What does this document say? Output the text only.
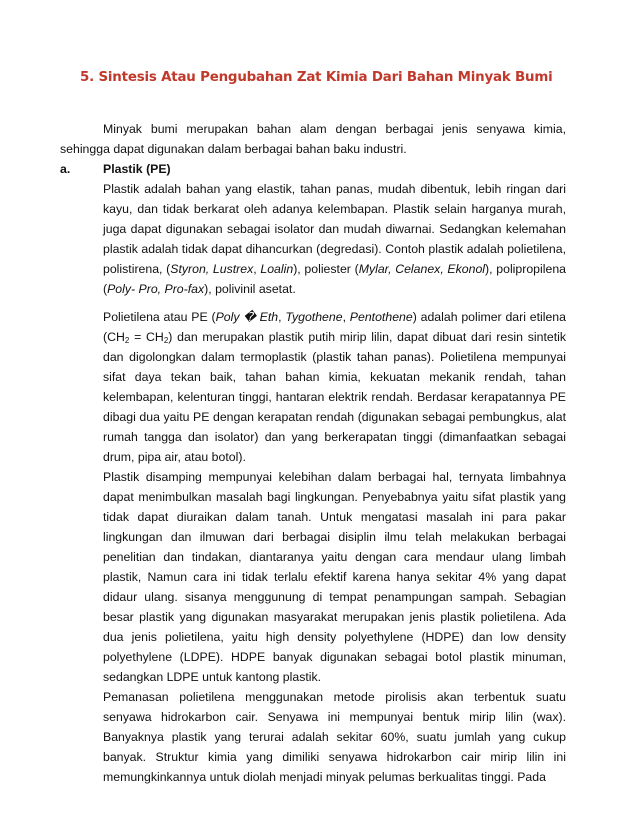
5. Sintesis Atau Pengubahan Zat Kimia Dari Bahan Minyak Bumi

Minyak bumi merupakan bahan alam dengan berbagai jenis senyawa kimia, sehingga dapat digunakan dalam berbagai bahan baku industri.

a.	Plastik (PE)

Plastik adalah bahan yang elastik, tahan panas, mudah dibentuk, lebih ringan dari kayu, dan tidak berkarat oleh adanya kelembapan. Plastik selain harganya murah, juga dapat digunakan sebagai isolator dan mudah diwarnai. Sedangkan kelemahan plastik adalah tidak dapat dihancurkan (degredasi). Contoh plastik adalah polietilena, polistirena, (Styron, Lustrex, Loalin), poliester (Mylar, Celanex, Ekonol), polipropilena (Poly- Pro, Pro-fax), polivinil asetat.

Polietilena atau PE (Poly � Eth, Tygothene, Pentothene) adalah polimer dari etilena $(CH_2 = CH_2)$ dan merupakan plastik putih mirip lilin, dapat dibuat dari resin sintetik dan digolongkan dalam termoplastik (plastik tahan panas). Polietilena mempunyai sifat daya tekan baik, tahan bahan kimia, kekuatan mekanik rendah, tahan kelembapan, kelenturan tinggi, hantaran elektrik rendah. Berdasar kerapatannya PE dibagi dua yaitu PE dengan kerapatan rendah (digunakan sebagai pembungkus, alat rumah tangga dan isolator) dan yang berkerapatan tinggi (dimanfaatkan sebagai drum, pipa air, atau botol).

Plastik disamping mempunyai kelebihan dalam berbagai hal, ternyata limbahnya dapat menimbulkan masalah bagi lingkungan. Penyebabnya yaitu sifat plastik yang tidak dapat diuraikan dalam tanah. Untuk mengatasi masalah ini para pakar lingkungan dan ilmuwan dari berbagai disiplin ilmu telah melakukan berbagai penelitian dan tindakan, diantaranya yaitu dengan cara mendaur ulang limbah plastik, Namun cara ini tidak terlalu efektif karena hanya sekitar 4% yang dapat didaur ulang. sisanya menggunung di tempat penampungan sampah. Sebagian besar plastik yang digunakan masyarakat merupakan jenis plastik polietilena. Ada dua jenis polietilena, yaitu high density polyethylene (HDPE) dan low density polyethylene (LDPE). HDPE banyak digunakan sebagai botol plastik minuman, sedangkan LDPE untuk kantong plastik.

Pemanasan polietilena menggunakan metode pirolisis akan terbentuk suatu senyawa hidrokarbon cair. Senyawa ini mempunyai bentuk mirip lilin (wax). Banyaknya plastik yang terurai adalah sekitar 60%, suatu jumlah yang cukup banyak. Struktur kimia yang dimiliki senyawa hidrokarbon cair mirip lilin ini memungkinkannya untuk diolah menjadi minyak pelumas berkualitas tinggi. Pada
